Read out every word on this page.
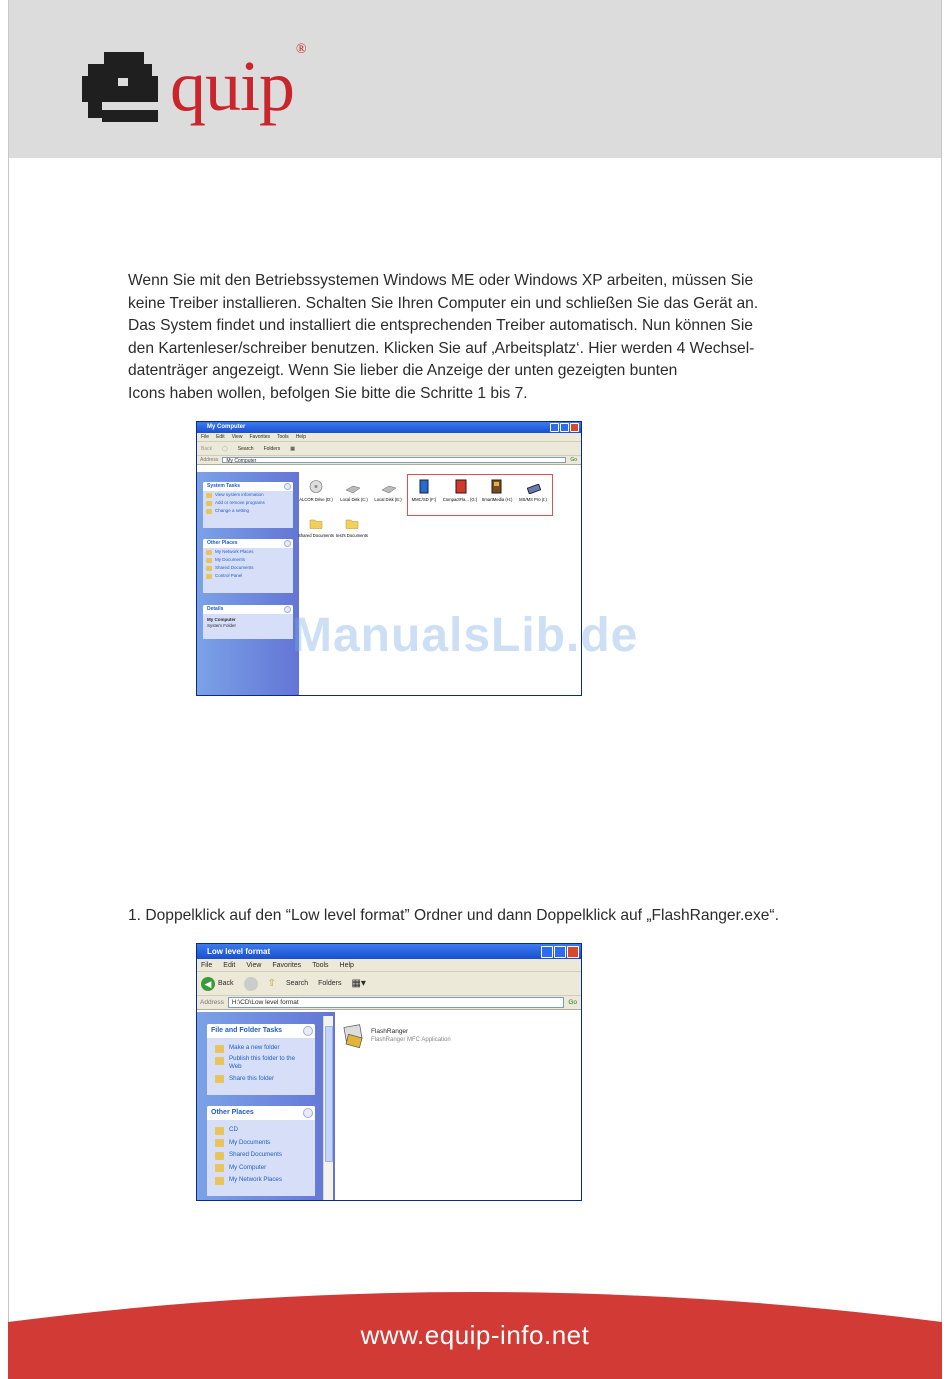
quip ®
Wenn Sie mit den Betriebssystemen Windows ME oder Windows XP arbeiten, müssen Sie
keine Treiber installieren. Schalten Sie Ihren Computer ein und schließen Sie das Gerät an.
Das System findet und installiert die entsprechenden Treiber automatisch. Nun können Sie
den Kartenleser/schreiber benutzen. Klicken Sie auf ‚Arbeitsplatz‘. Hier werden 4 Wechsel-
datenträger angezeigt. Wenn Sie lieber die Anzeige der unten gezeigten bunten
Icons haben wollen, befolgen Sie bitte die Schritte 1 bis 7.
My Computer
File Edit View Favorites Tools Help
Back ◯ Search Folders ▦
Address	My Computer	Go
System Tasks
View system information
Add or remove programs
Change a setting
Other Places
My Network Places
My Documents
Shared Documents
Control Panel
Details
My Computer
System Folder
ALCOR Drive (D:)	Local Disk (C:)	Local Disk (E:)	MMC/SD (F:)	CompactFla... (G:)	SmartMedia (H:)	MS/MS Pro (I:)
Shared Documents test's Documents
ManualsLib.de
1. Doppelklick auf den “Low level format” Ordner und dann Doppelklick auf „FlashRanger.exe“.
Low level format
File Edit View Favorites Tools Help
◀ Back	⇧ Search Folders ▦▾
Address	H:\CD\Low level format	Go
File and Folder Tasks
Make a new folder
Publish this folder to the Web
Share this folder
Other Places
CD
My Documents
Shared Documents
My Computer
My Network Places
FlashRanger
FlashRanger MFC Application
www.equip-info.net
